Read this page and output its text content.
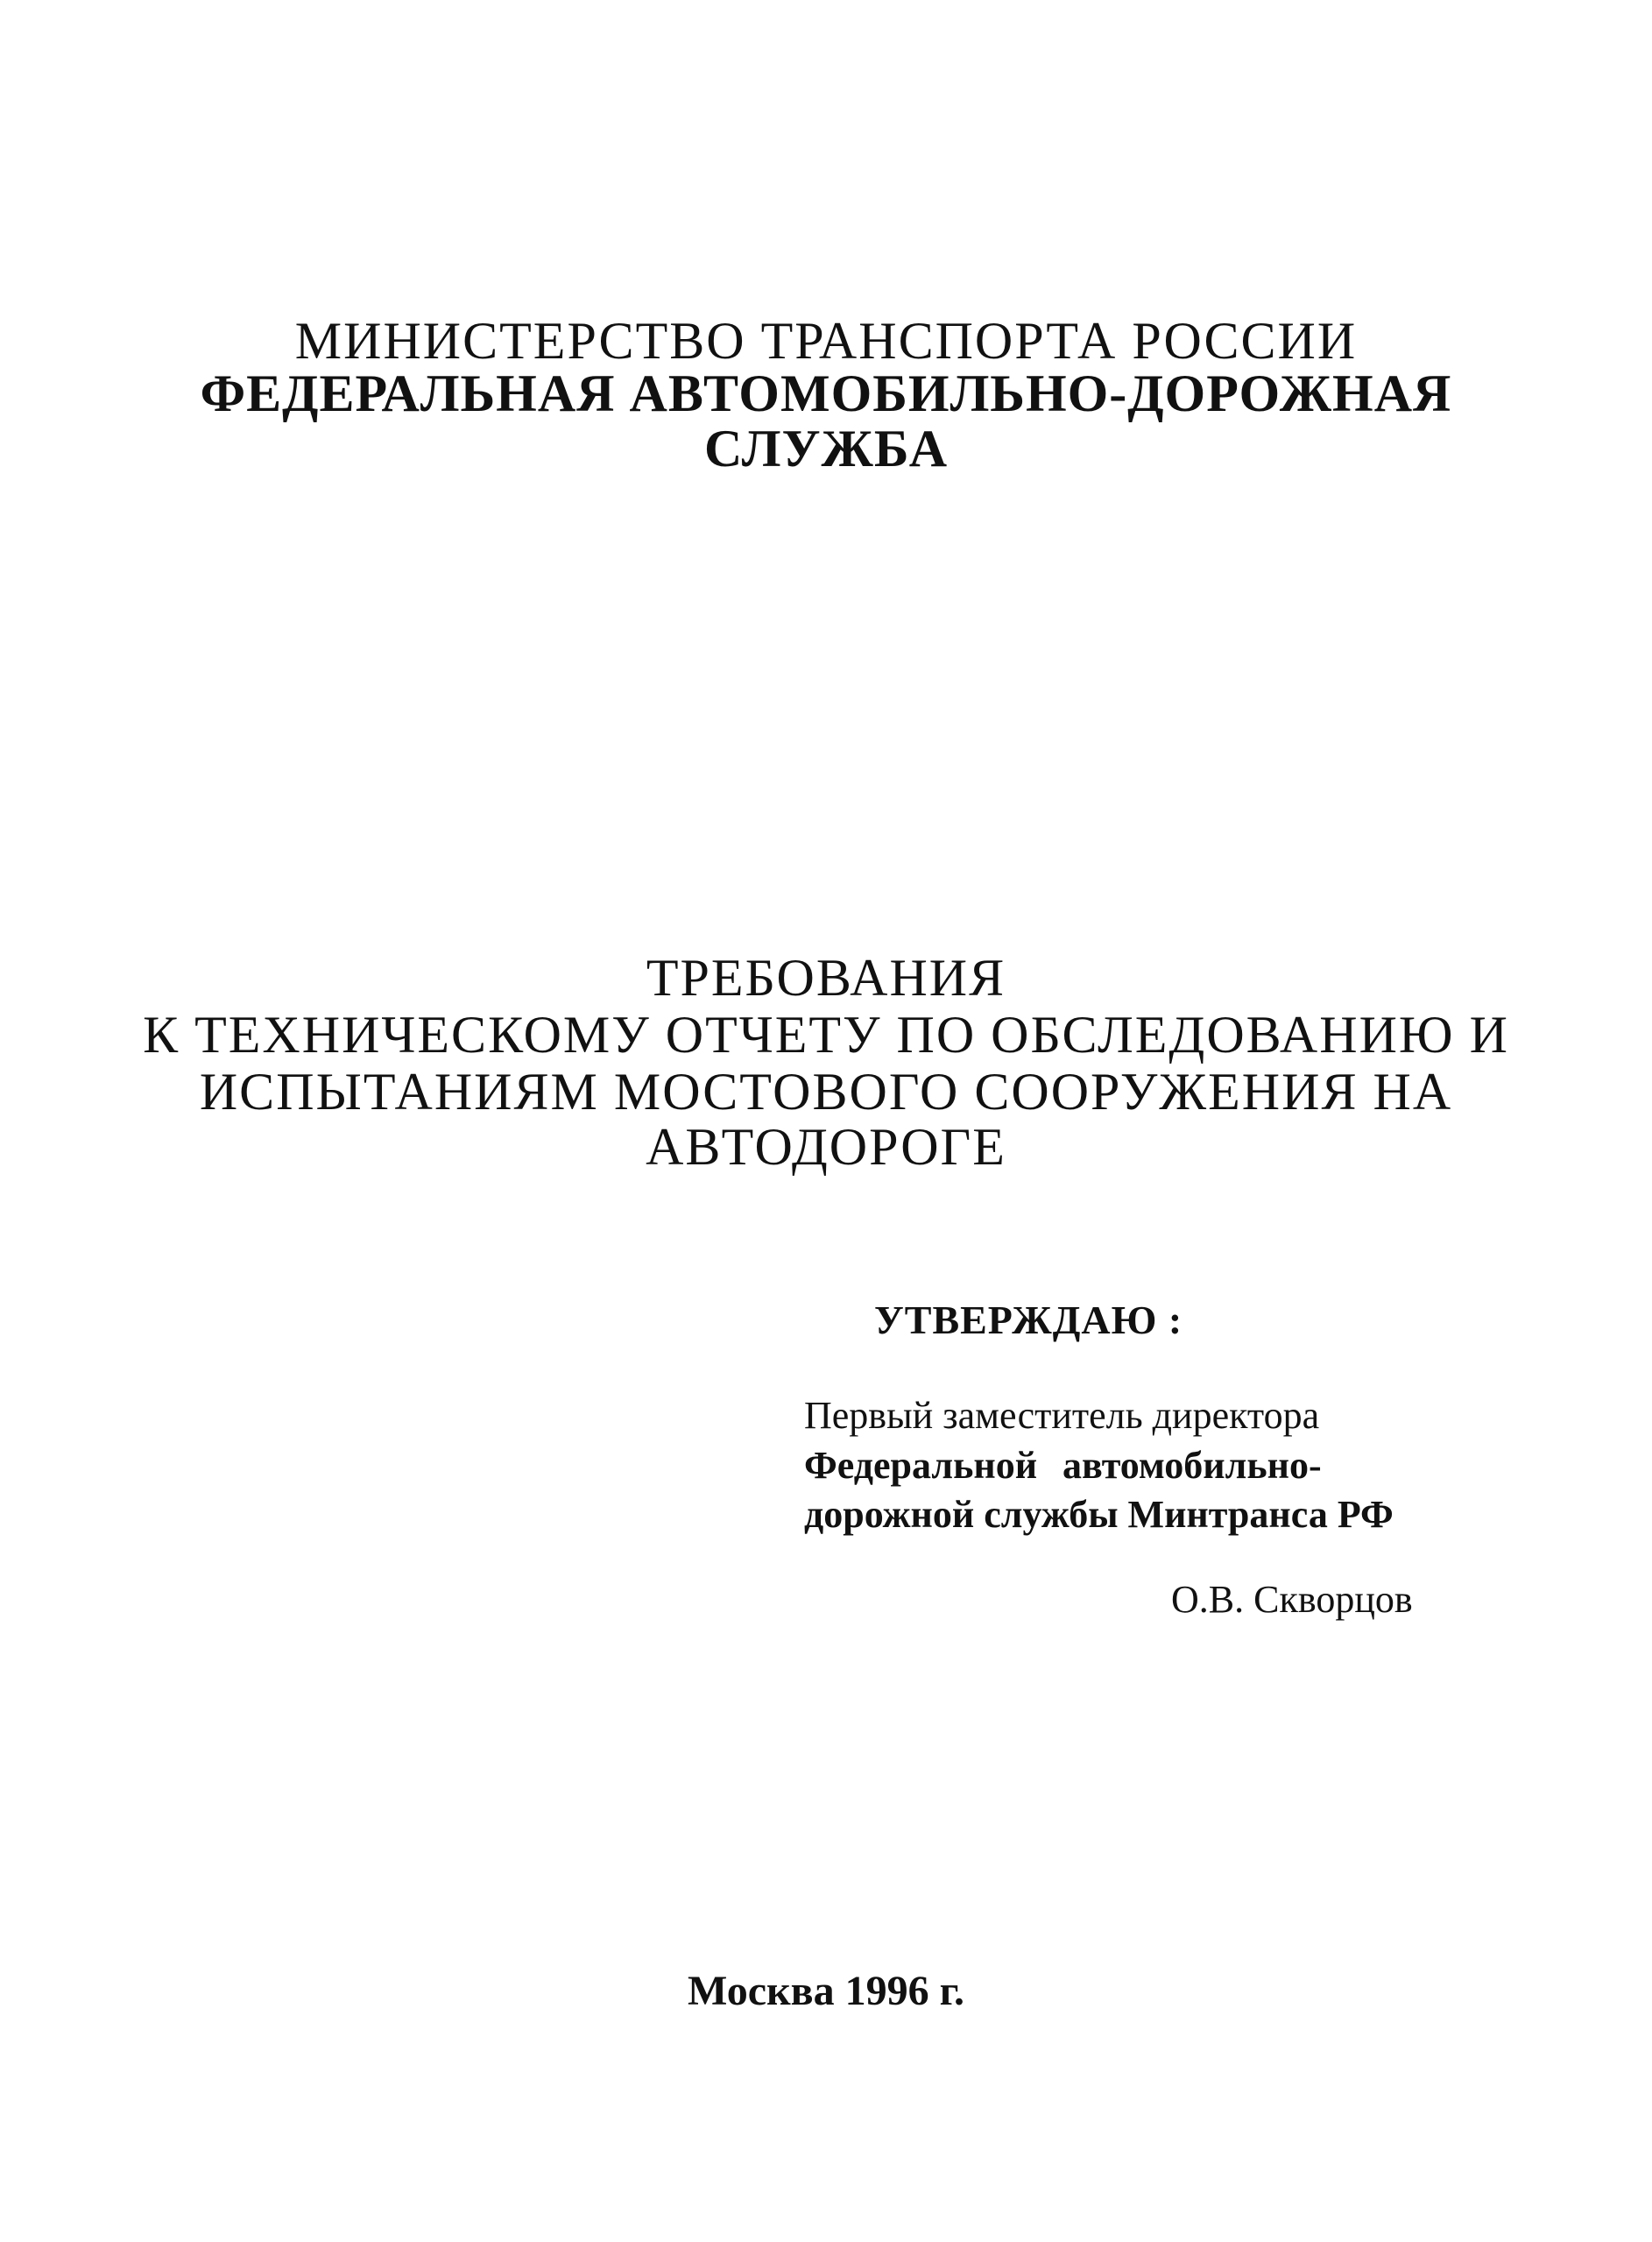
МИНИСТЕРСТВО ТРАНСПОРТА РОССИИ
ФЕДЕРАЛЬНАЯ АВТОМОБИЛЬНО-ДОРОЖНАЯ
СЛУЖБА
ТРЕБОВАНИЯ
К ТЕХНИЧЕСКОМУ ОТЧЕТУ ПО ОБСЛЕДОВАНИЮ И
ИСПЫТАНИЯМ МОСТОВОГО СООРУЖЕНИЯ НА
АВТОДОРОГЕ
УТВЕРЖДАЮ :
Первый заместитель директора
Федеральной автомобильно-
дорожной службы Минтранса РФ
О.В. Скворцов
Москва 1996 г.
